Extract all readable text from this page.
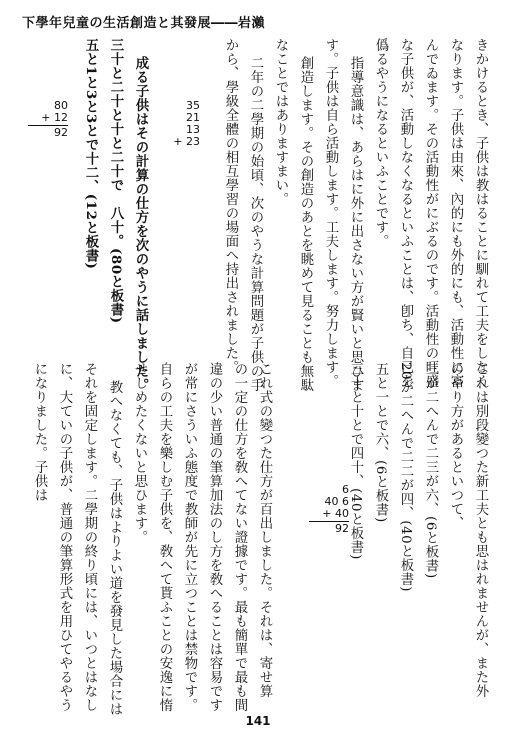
下學年兒童の生活創造と其發展――岩瀨
きかけるとき、子供は教はることに馴れて工夫をしなく
なります。子供は由來、內的にも外的にも、活動性に富
んでゐます。その活動性がにぶるのです。活動性の旺盛
な子供が、活動しなくなるといふことは、卽ち、自己を
僞るやうになるといふことです。
指導意識は、あらはに外に出さない方が賢いと思ひま
す。子供は自ら活動します。工夫します。努力します。
創造します。その創造のあとを眺めて見ることも無駄
なことではありますまい。
二年の二學期の始頃、次のやうな計算問題が子供の手
から、學級全體の相互學習の場面へ持出されました。
35
21
13
+ 23
成る子供はその計算の仕方を次のやうに話しました。
三十と二十と十と二十で　八十。(80と板書)
五と1と3と3とで十二、(12と板書)
80
+ 12
92
これは別段變つた新工夫とも思はれませんが、また外
のやり方があるといつて、
三が二へんで二三が六、(6と板書)
20が二へんで二二が四、(40と板書)
五と一とで六、(6と板書)
三十と十とで四十、(40と板書)
6
40 6
+ 40
92
これ式の變つた仕方が百出しました。それは、寄せ算
の一定の仕方を敎へてない證據です。最も簡單で最も間
違の少い普通の筆算加法のし方を敎へることは容易です
が常にさういふ態度で教師が先に立つことは禁物です。
自らの工夫を樂しむ子供を、敎へて貰ふことの安逸に惰
せしめたくないと思ひます。
教へなくても、子供はよりよい道を發見した場合には
それを固定します。二學期の終り頃には、いつとはなし
に、大ていの子供が、普通の筆算形式を用ひてやるやう
になりました。子供は
141
